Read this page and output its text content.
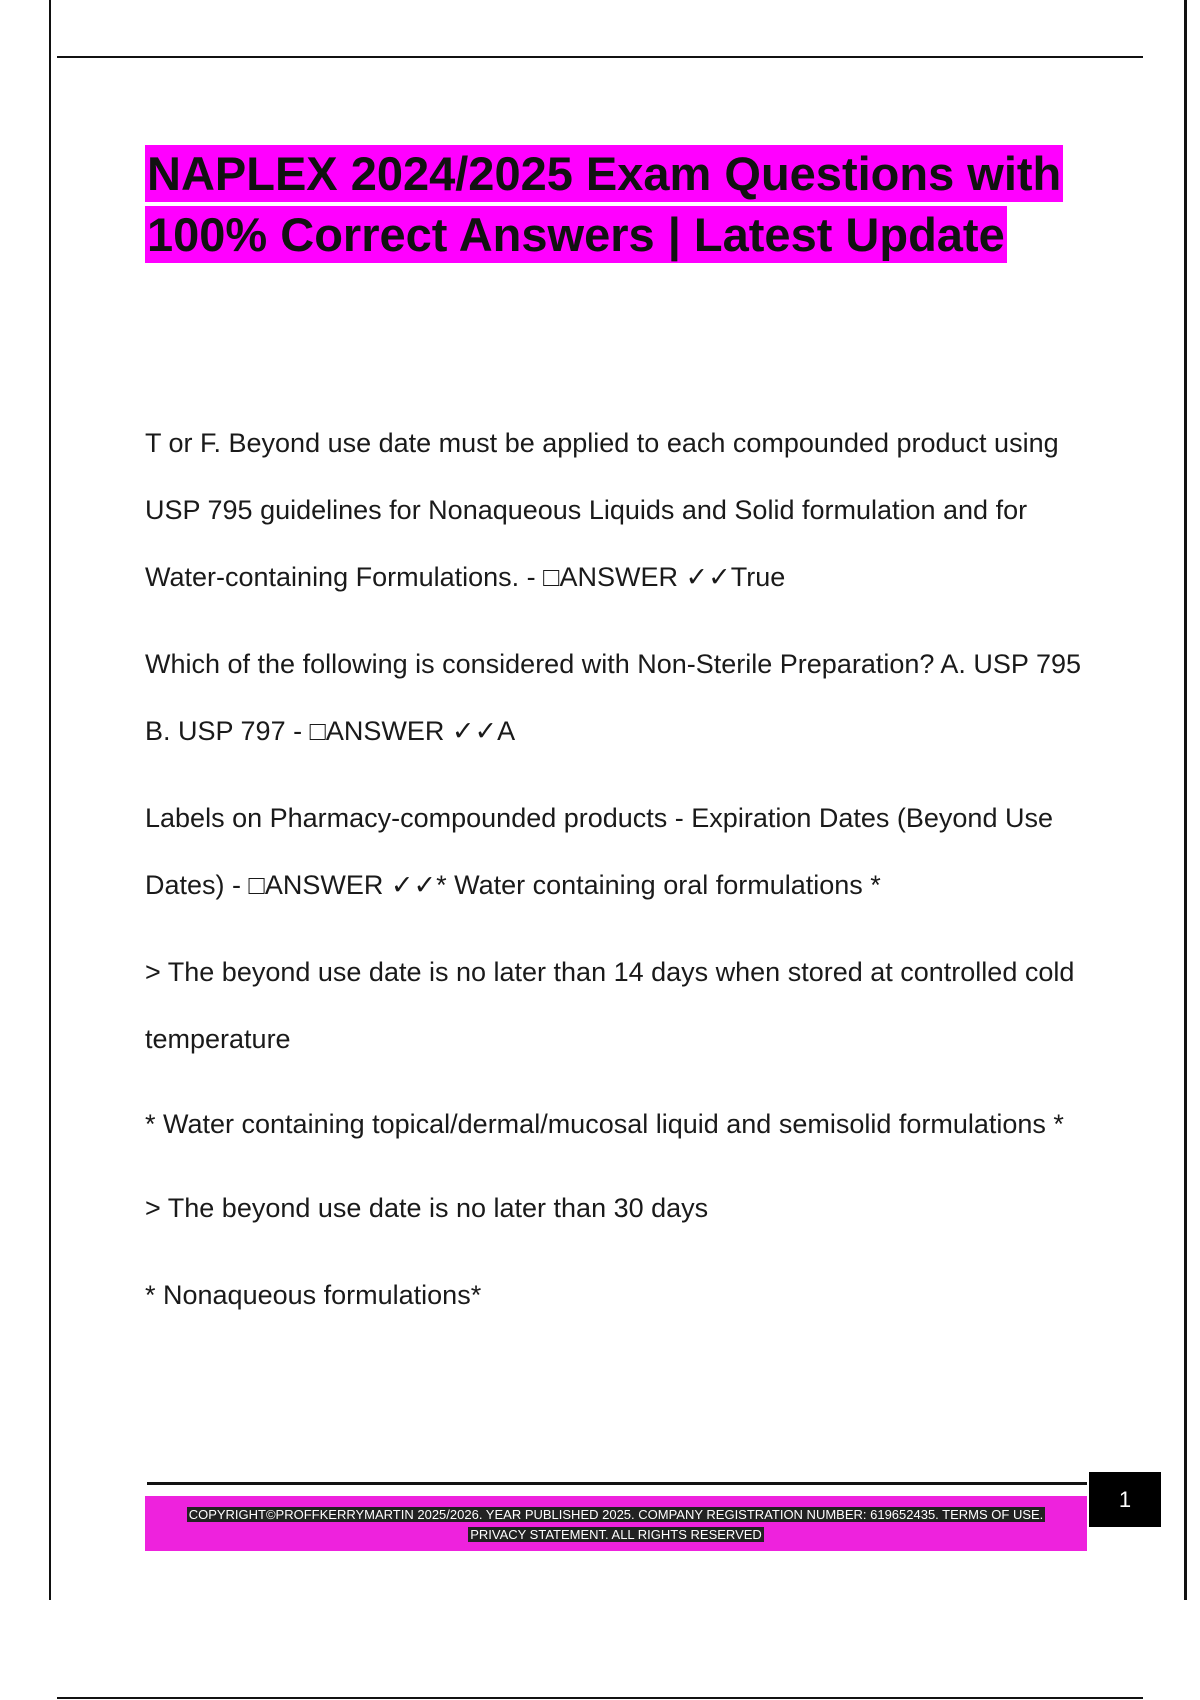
NAPLEX 2024/2025 Exam Questions with
100% Correct Answers | Latest Update

T or F. Beyond use date must be applied to each compounded product using USP 795 guidelines for Nonaqueous Liquids and Solid formulation and for Water-containing Formulations. - □ANSWER ✓✓True

Which of the following is considered with Non-Sterile Preparation? A. USP 795 B. USP 797 - □ANSWER ✓✓A

Labels on Pharmacy-compounded products - Expiration Dates (Beyond Use Dates) - □ANSWER ✓✓* Water containing oral formulations *

> The beyond use date is no later than 14 days when stored at controlled cold temperature

* Water containing topical/dermal/mucosal liquid and semisolid formulations *

> The beyond use date is no later than 30 days

* Nonaqueous formulations*

COPYRIGHT©PROFFKERRYMARTIN 2025/2026. YEAR PUBLISHED 2025. COMPANY REGISTRATION NUMBER: 619652435. TERMS OF USE.
PRIVACY STATEMENT. ALL RIGHTS RESERVED
1
